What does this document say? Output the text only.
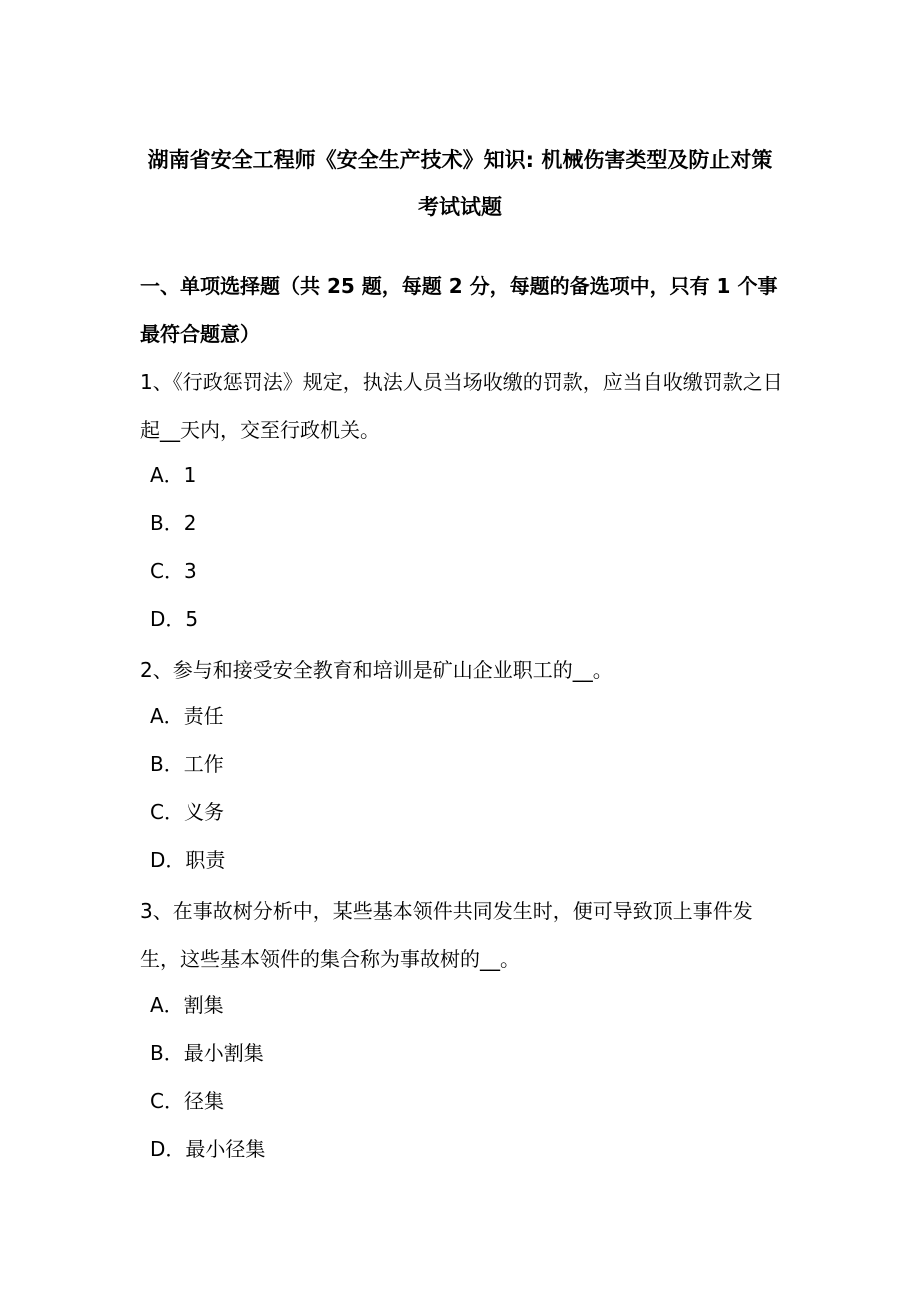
湖南省安全工程师《安全生产技术》知识: 机械伤害类型及防止对策
考试试题
一、单项选择题（共 25 题，每题 2 分，每题的备选项中，只有 1 个事最符合题意）
1、《行政惩罚法》规定，执法人员当场收缴的罚款，应当自收缴罚款之日起__天内，交至行政机关。
A．1
B．2
C．3
D．5
2、参与和接受安全教育和培训是矿山企业职工的__。
A．责任
B．工作
C．义务
D．职责
3、在事故树分析中，某些基本领件共同发生时，便可导致顶上事件发生，这些基本领件的集合称为事故树的__。
A．割集
B．最小割集
C．径集
D．最小径集
